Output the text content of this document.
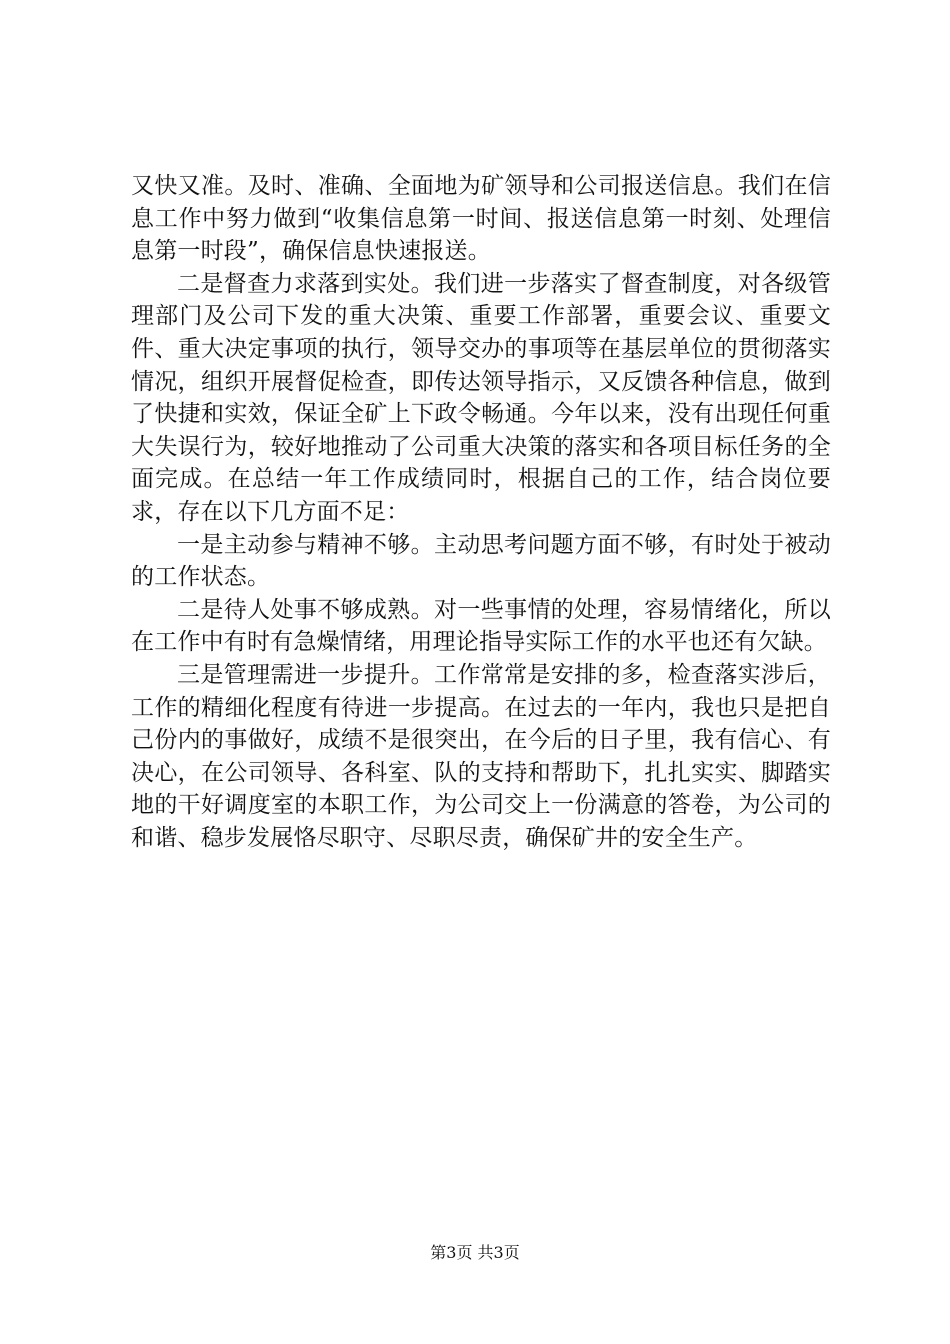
又快又准。及时、准确、全面地为矿领导和公司报送信息。我们在信息工作中努力做到“收集信息第一时间、报送信息第一时刻、处理信息第一时段”，确保信息快速报送。

二是督查力求落到实处。我们进一步落实了督查制度，对各级管理部门及公司下发的重大决策、重要工作部署，重要会议、重要文件、重大决定事项的执行，领导交办的事项等在基层单位的贯彻落实情况，组织开展督促检查，即传达领导指示，又反馈各种信息，做到了快捷和实效，保证全矿上下政令畅通。今年以来，没有出现任何重大失误行为，较好地推动了公司重大决策的落实和各项目标任务的全面完成。在总结一年工作成绩同时，根据自己的工作，结合岗位要求，存在以下几方面不足：

一是主动参与精神不够。主动思考问题方面不够，有时处于被动的工作状态。

二是待人处事不够成熟。对一些事情的处理，容易情绪化，所以在工作中有时有急燥情绪，用理论指导实际工作的水平也还有欠缺。

三是管理需进一步提升。工作常常是安排的多，检查落实涉后，工作的精细化程度有待进一步提高。在过去的一年内，我也只是把自己份内的事做好，成绩不是很突出，在今后的日子里，我有信心、有决心，在公司领导、各科室、队的支持和帮助下，扎扎实实、脚踏实地的干好调度室的本职工作，为公司交上一份满意的答卷，为公司的和谐、稳步发展恪尽职守、尽职尽责，确保矿井的安全生产。

第3页 共3页
